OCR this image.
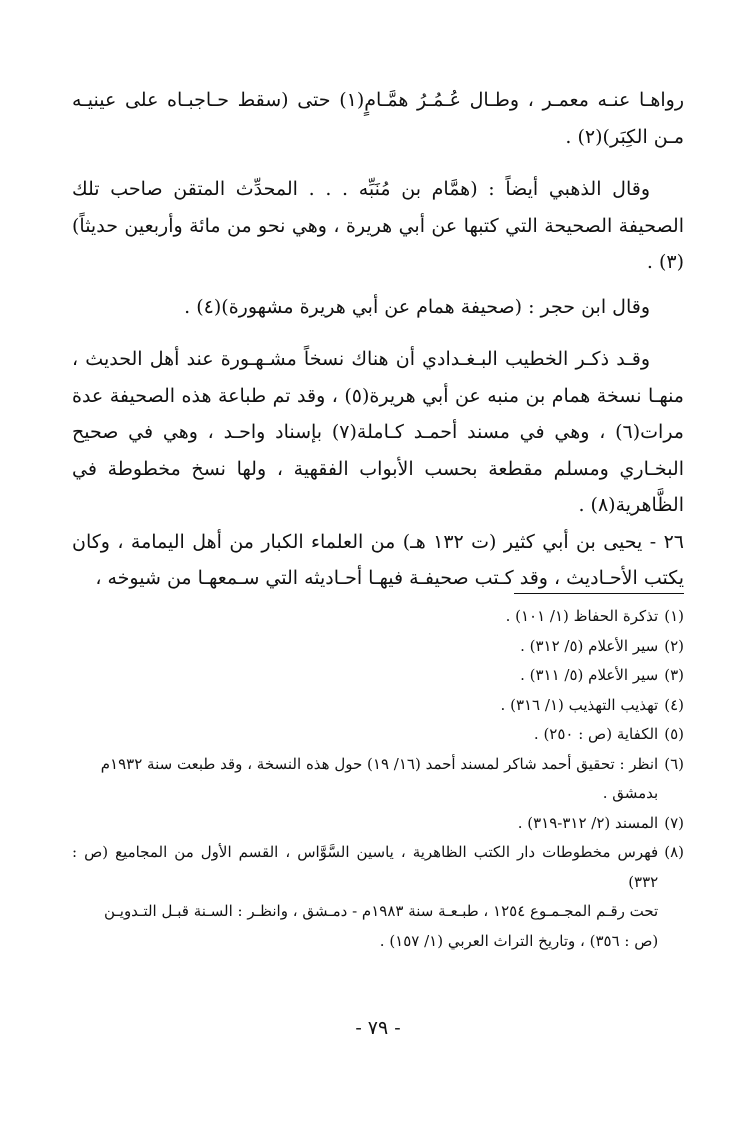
رواهـا عنـه معمـر ، وطـال عُـمُـرُ همَّـامٍ(١) حتى (سقط حـاجبـاه على عينيـه مـن الكِبَر)(٢) .

وقال الذهبي أيضاً : (همَّام بن مُنَبِّه . . . المحدِّث المتقن صاحب تلك الصحيفة الصحيحة التي كتبها عن أبي هريرة ، وهي نحو من مائة وأربعين حديثاً)(٣) .

وقال ابن حجر : (صحيفة همام عن أبي هريرة مشهورة)(٤) .

وقـد ذكـر الخطيب البـغـدادي أن هناك نسخاً مشـهـورة عند أهل الحديث ، منهـا نسخة همام بن منبه عن أبي هريرة(٥) ، وقد تم طباعة هذه الصحيفة عدة مرات(٦) ، وهي في مسند أحمـد كـاملة(٧) بإسناد واحـد ، وهي في صحيح البخـاري ومسلم مقطعة بحسب الأبواب الفقهية ، ولها نسخ مخطوطة في الظَّاهرية(٨) .

٢٦ - يحيى بن أبي كثير (ت ١٣٢ هـ) من العلماء الكبار من أهل اليمامة ، وكان يكتب الأحـاديث ، وقد كـتب صحيفـة فيهـا أحـاديثه التي سـمعهـا من شيوخه ،

(١)
تذكرة الحفاظ (١/ ١٠١) .
(٢)
سير الأعلام (٥/ ٣١٢) .
(٣)
سير الأعلام (٥/ ٣١١) .
(٤)
تهذيب التهذيب (١/ ٣١٦) .
(٥)
الكفاية (ص : ٢٥٠) .
(٦)
انظر : تحقيق أحمد شاكر لمسند أحمد (١٦/ ١٩) حول هذه النسخة ، وقد طبعت سنة ١٩٣٢م
بدمشق .
(٧)
المسند (٢/ ٣١٢-٣١٩) .
(٨)
فهرس مخطوطات دار الكتب الظاهرية ، ياسين السَّوَّاس ، القسم الأول من المجاميع (ص : ٣٣٢)
تحت رقـم المجـمـوع ١٢٥٤ ، طبـعـة سنة ١٩٨٣م - دمـشق ، وانظـر : السـنة قبـل التـدويـن
(ص : ٣٥٦) ، وتاريخ التراث العربي (١/ ١٥٧) .
- ٧٩ -
